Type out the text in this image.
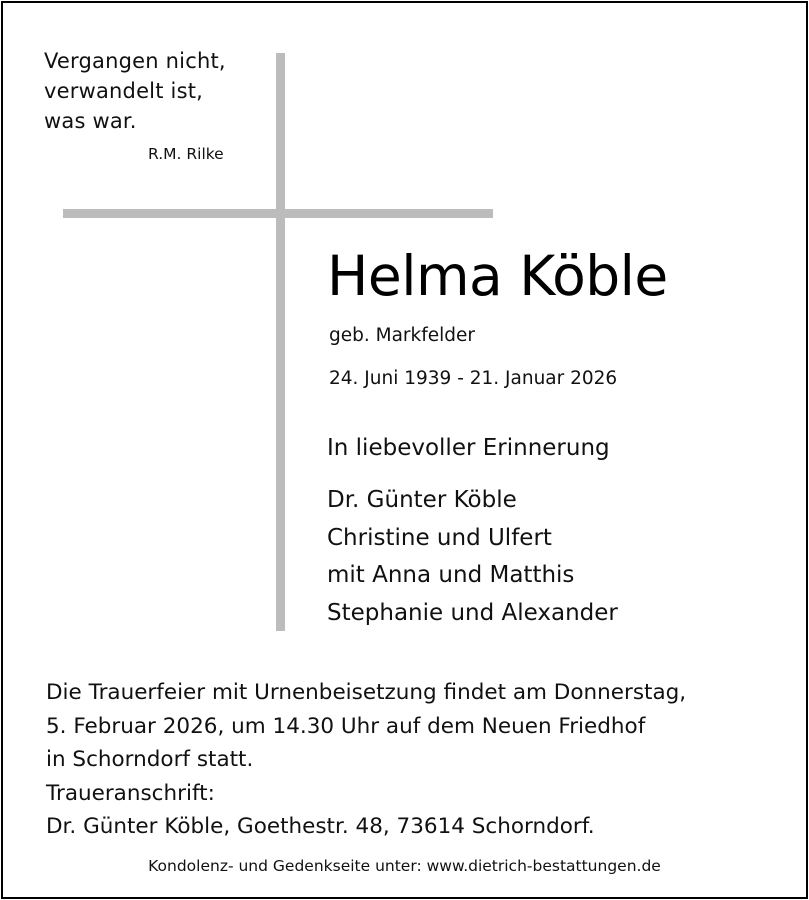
Vergangen nicht,
verwandelt ist,
was war.
R.M. Rilke
Helma Köble
geb. Markfelder
24. Juni 1939 - 21. Januar 2026
In liebevoller Erinnerung
Dr. Günter Köble
Christine und Ulfert
mit Anna und Matthis
Stephanie und Alexander
Die Trauerfeier mit Urnenbeisetzung findet am Donnerstag,
5. Februar 2026, um 14.30 Uhr auf dem Neuen Friedhof
in Schorndorf statt.
Traueranschrift:
Dr. Günter Köble, Goethestr. 48, 73614 Schorndorf.
Kondolenz- und Gedenkseite unter: www.dietrich-bestattungen.de
